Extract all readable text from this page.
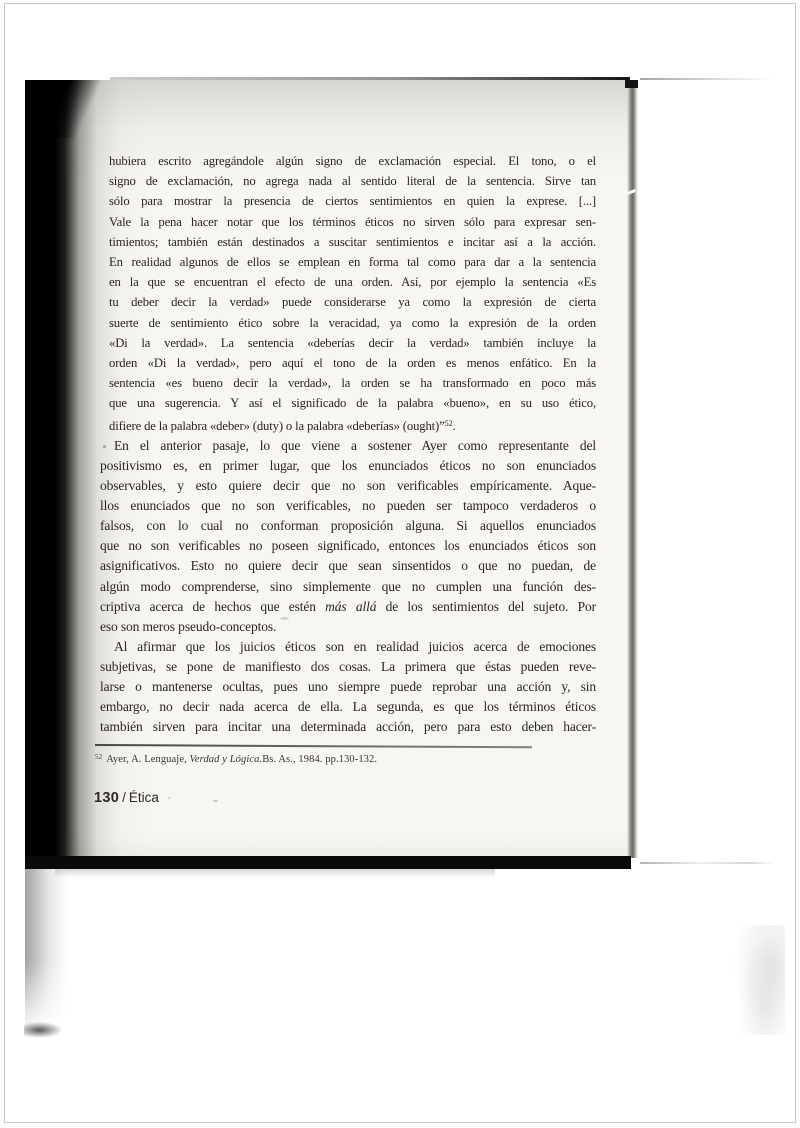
hubiera escrito agregándole algún signo de exclamación especial. El tono, o el
signo de exclamación, no agrega nada al sentido literal de la sentencia. Sirve tan
sólo para mostrar la presencia de ciertos sentimientos en quien la exprese. [...]
Vale la pena hacer notar que los términos éticos no sirven sólo para expresar sen-
timientos; también están destinados a suscitar sentimientos e incitar así a la acción.
En realidad algunos de ellos se emplean en forma tal como para dar a la sentencia
en la que se encuentran el efecto de una orden. Así, por ejemplo la sentencia «Es
tu deber decir la verdad» puede considerarse ya como la expresión de cierta
suerte de sentimiento ético sobre la veracidad, ya como la expresión de la orden
«Di la verdad». La sentencia «deberías decir la verdad» también incluye la
orden «Di la verdad», pero aquí el tono de la orden es menos enfático. En la
sentencia «es bueno decir la verdad», la orden se ha transformado en poco más
que una sugerencia. Y así el significado de la palabra «bueno», en su uso ético,
difiere de la palabra «deber» (duty) o la palabra «deberías» (ought)”$^{52}$.
En el anterior pasaje, lo que viene a sostener Ayer como representante del
positivismo es, en primer lugar, que los enunciados éticos no son enunciados
observables, y esto quiere decir que no son verificables empíricamente. Aque-
llos enunciados que no son verificables, no pueden ser tampoco verdaderos o
falsos, con lo cual no conforman proposición alguna. Si aquellos enunciados
que no son verificables no poseen significado, entonces los enunciados éticos son
asignificativos. Esto no quiere decir que sean sinsentidos o que no puedan, de
algún modo comprenderse, sino simplemente que no cumplen una función des-
criptiva acerca de hechos que estén más allá de los sentimientos del sujeto. Por
eso son meros pseudo-conceptos.
Al afirmar que los juicios éticos son en realidad juicios acerca de emociones
subjetivas, se pone de manifiesto dos cosas. La primera que éstas pueden reve-
larse o mantenerse ocultas, pues uno siempre puede reprobar una acción y, sin
embargo, no decir nada acerca de ella. La segunda, es que los términos éticos
también sirven para incitar una determinada acción, pero para esto deben hacer-
$^{52}$ Ayer, A. Lenguaje, Verdad y Lógica.Bs. As., 1984. pp.130-132.
130 / Ética
